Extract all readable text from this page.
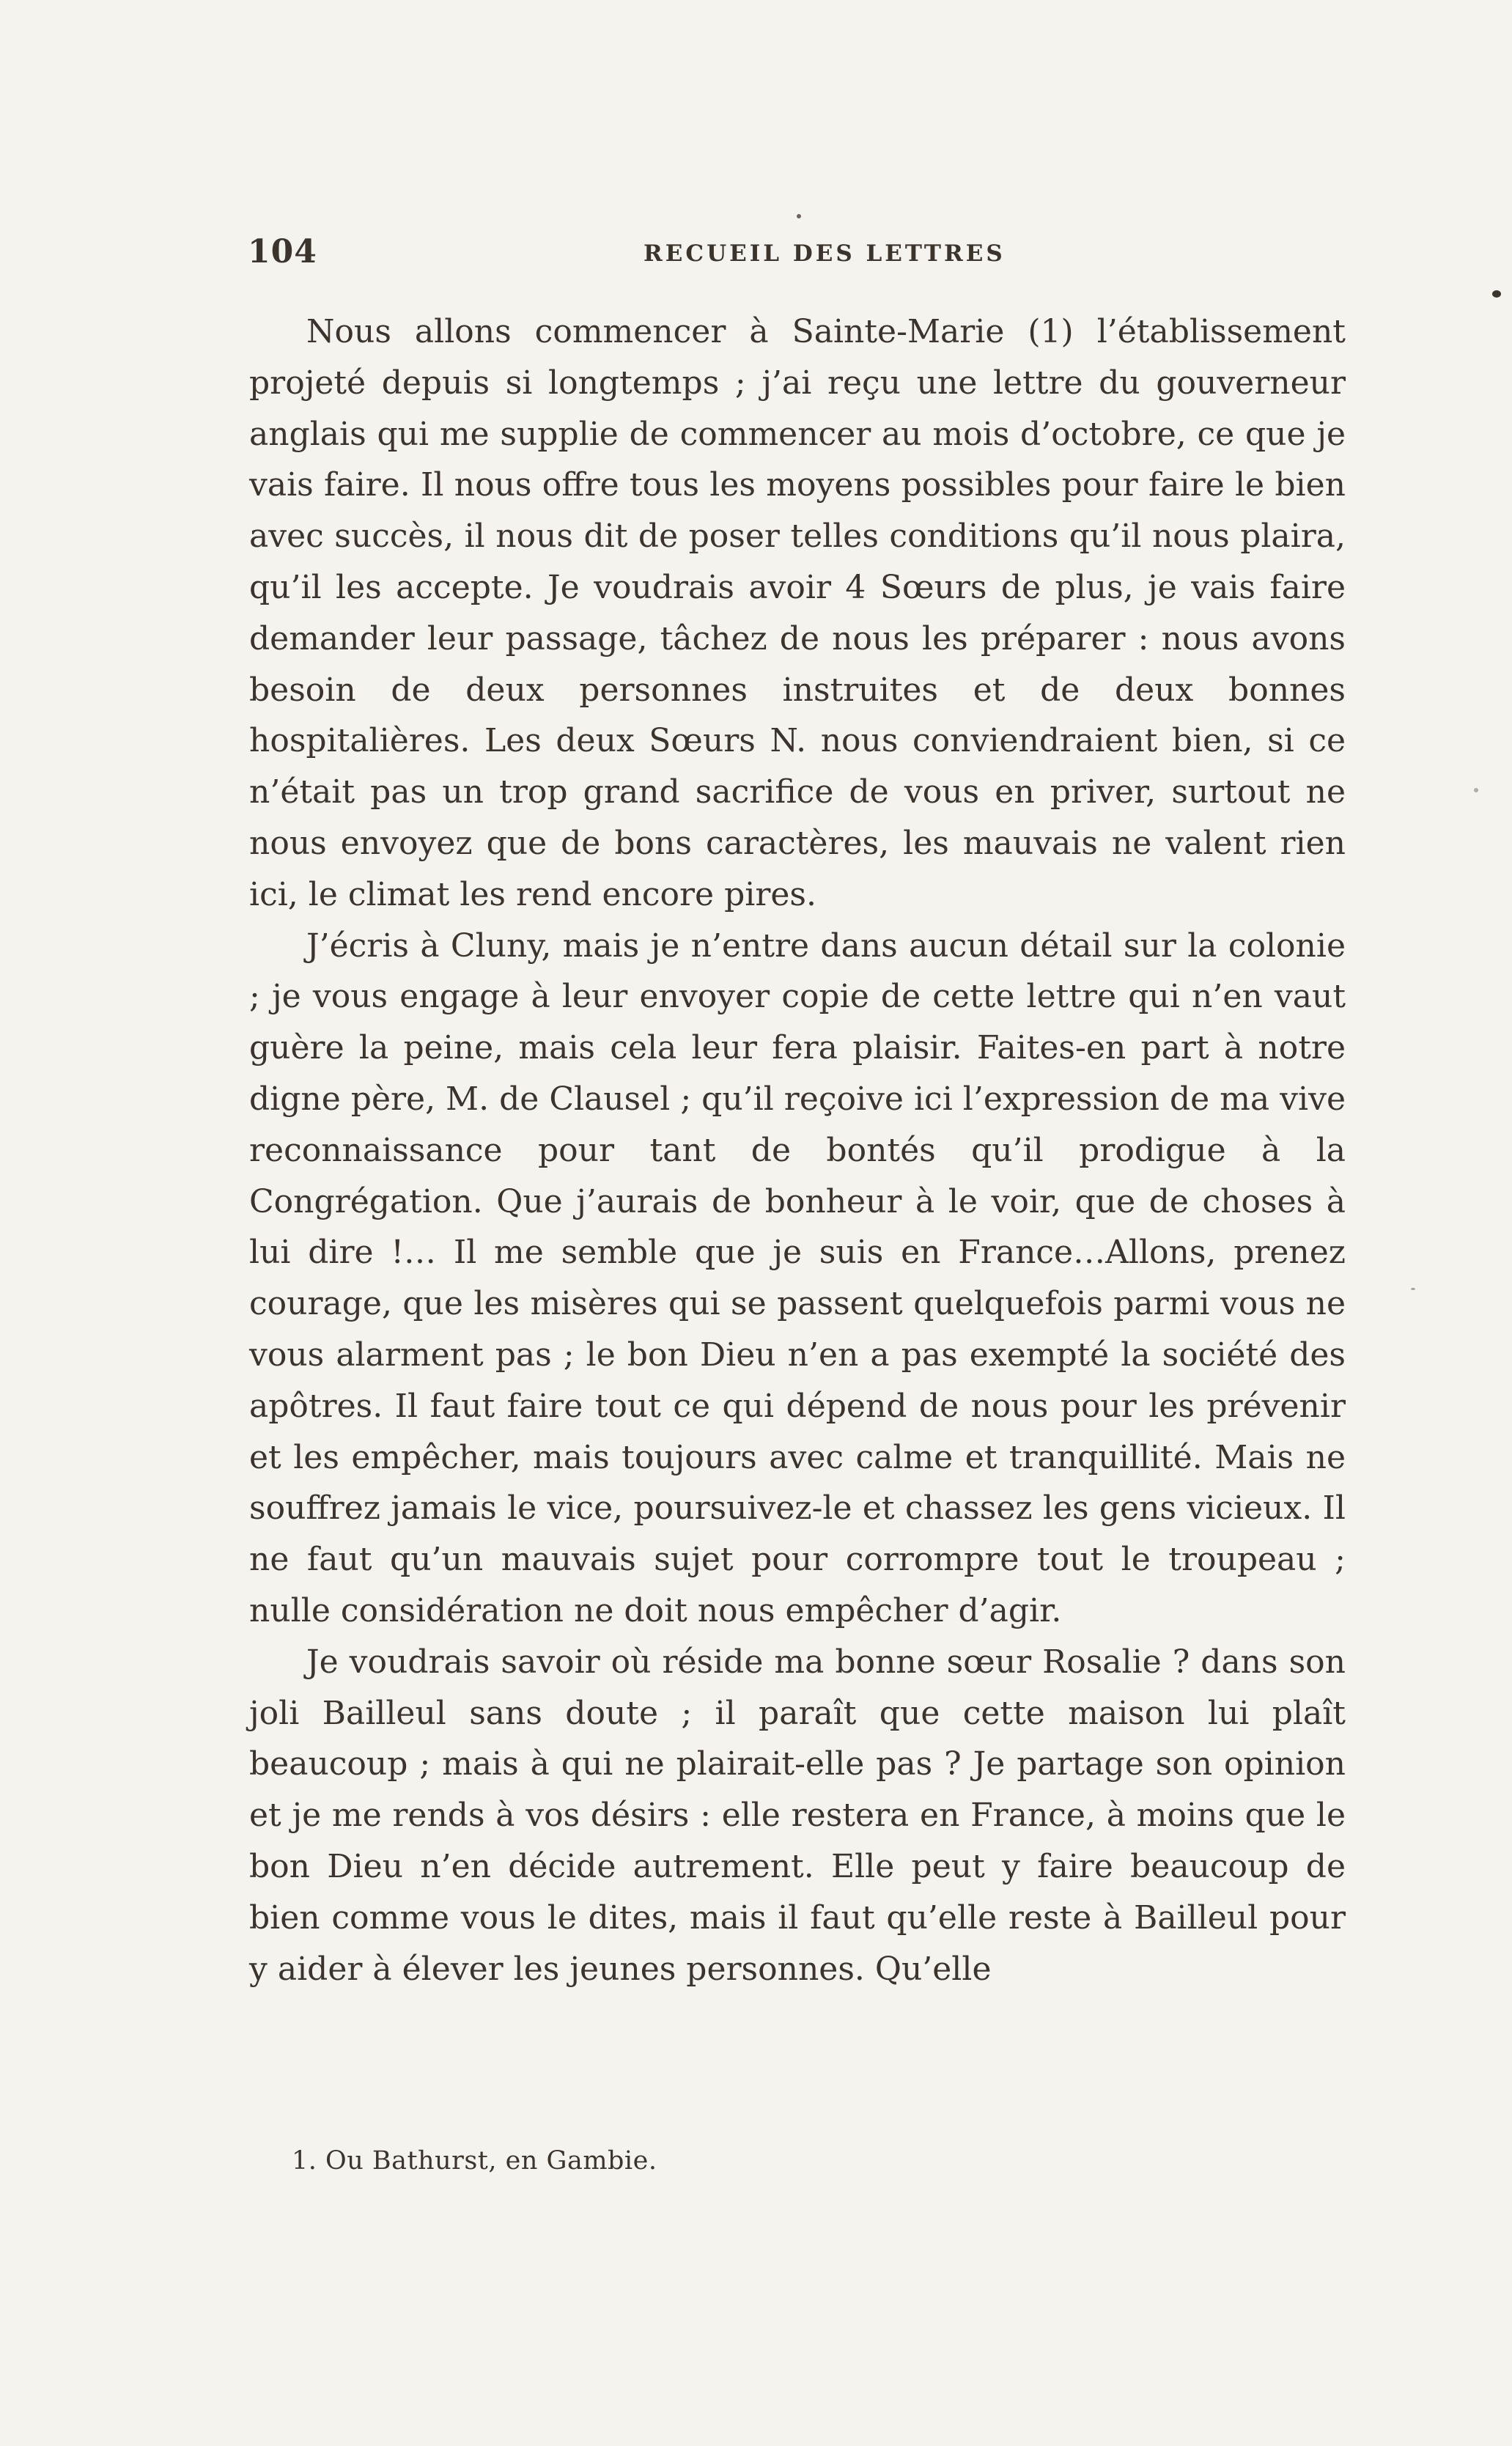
104	RECUEIL DES LETTRES

Nous allons commencer à Sainte-Marie (1) l’établissement projeté depuis si longtemps ; j’ai reçu une lettre du gouverneur anglais qui me supplie de commencer au mois d’octobre, ce que je vais faire. Il nous offre tous les moyens possibles pour faire le bien avec succès, il nous dit de poser telles conditions qu’il nous plaira, qu’il les accepte. Je voudrais avoir 4 Sœurs de plus, je vais faire demander leur passage, tâchez de nous les préparer : nous avons besoin de deux personnes instruites et de deux bonnes hospitalières. Les deux Sœurs N. nous conviendraient bien, si ce n’était pas un trop grand sacrifice de vous en priver, surtout ne nous envoyez que de bons caractères, les mauvais ne valent rien ici, le climat les rend encore pires.

J’écris à Cluny, mais je n’entre dans aucun détail sur la colonie ; je vous engage à leur envoyer copie de cette lettre qui n’en vaut guère la peine, mais cela leur fera plaisir. Faites-en part à notre digne père, M. de Clausel ; qu’il reçoive ici l’expression de ma vive reconnaissance pour tant de bontés qu’il prodigue à la Congrégation. Que j’aurais de bonheur à le voir, que de choses à lui dire !… Il me semble que je suis en France…Allons, prenez courage, que les misères qui se passent quelquefois parmi vous ne vous alarment pas ; le bon Dieu n’en a pas exempté la société des apôtres. Il faut faire tout ce qui dépend de nous pour les prévenir et les empêcher, mais toujours avec calme et tranquillité. Mais ne souffrez jamais le vice, poursuivez-le et chassez les gens vicieux. Il ne faut qu’un mauvais sujet pour corrompre tout le troupeau ; nulle considération ne doit nous empêcher d’agir.

Je voudrais savoir où réside ma bonne sœur Rosalie ? dans son joli Bailleul sans doute ; il paraît que cette maison lui plaît beaucoup ; mais à qui ne plairait-elle pas ? Je partage son opinion et je me rends à vos désirs : elle restera en France, à moins que le bon Dieu n’en décide autrement. Elle peut y faire beaucoup de bien comme vous le dites, mais il faut qu’elle reste à Bailleul pour y aider à élever les jeunes personnes. Qu’elle

1. Ou Bathurst, en Gambie.
